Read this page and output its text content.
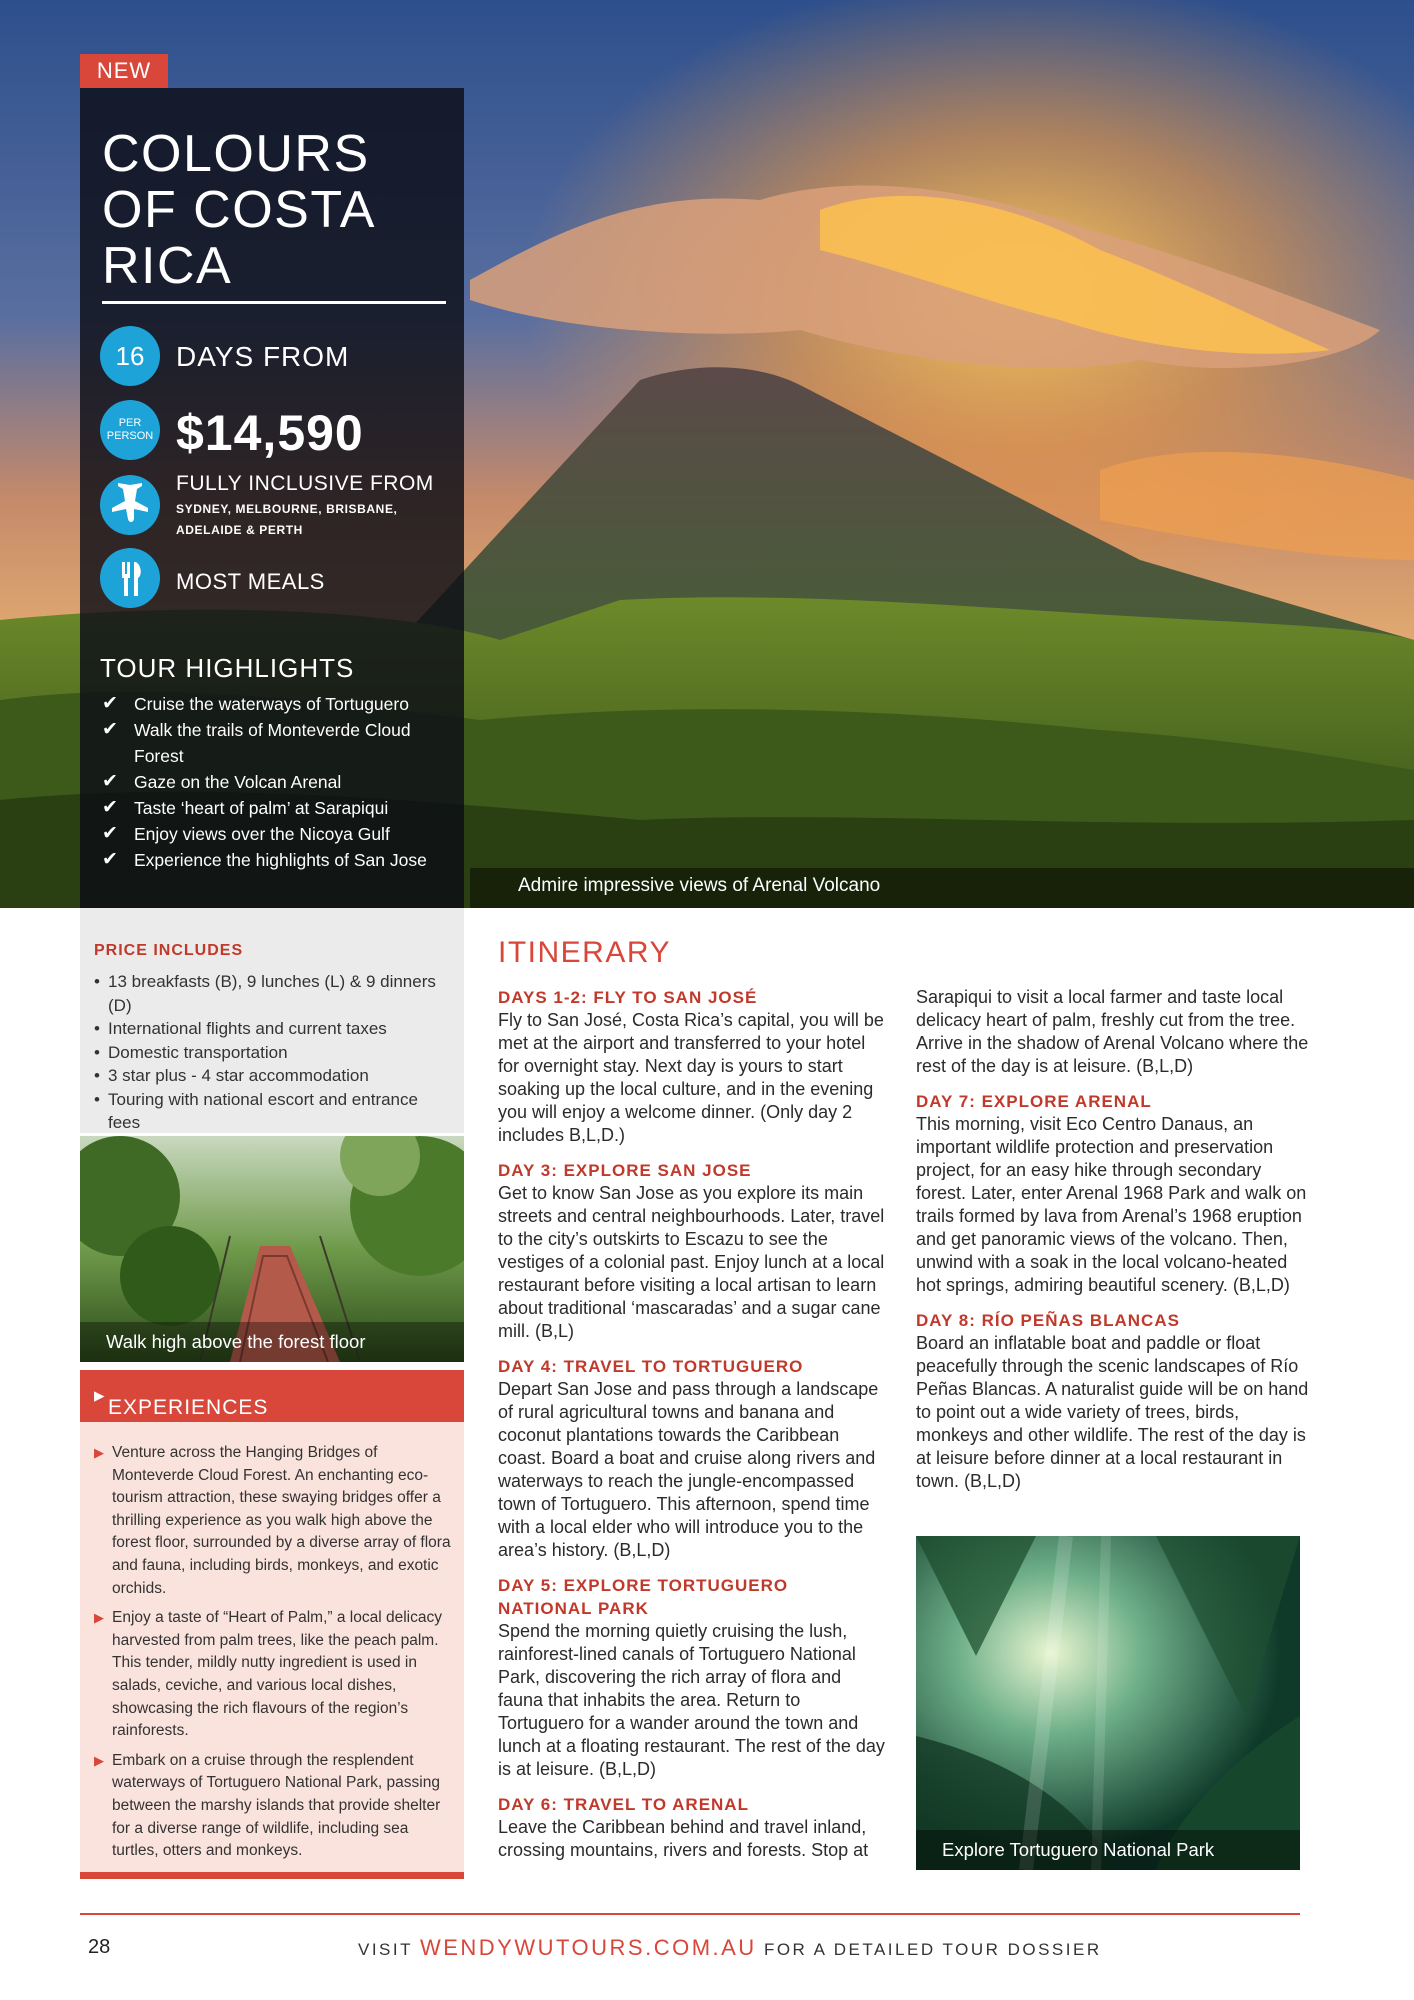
Admire impressive views of Arenal Volcano
NEW
COLOURS OF COSTA RICA
16	DAYS FROM
PER PERSON $14,590
FULLY INCLUSIVE FROM
SYDNEY, MELBOURNE, BRISBANE, ADELAIDE & PERTH
MOST MEALS
TOUR HIGHLIGHTS
✔ Cruise the waterways of Tortuguero
✔ Walk the trails of Monteverde Cloud Forest
✔ Gaze on the Volcan Arenal
✔ Taste ‘heart of palm’ at Sarapiqui
✔ Enjoy views over the Nicoya Gulf
✔ Experience the highlights of San Jose
PRICE INCLUDES
• 13 breakfasts (B), 9 lunches (L) & 9 dinners (D)
• International flights and current taxes
• Domestic transportation
• 3 star plus - 4 star accommodation
• Touring with national escort and entrance fees
Walk high above the forest floor
▸
EXPERIENCES
▶ Venture across the Hanging Bridges of Monteverde Cloud Forest. An enchanting eco-tourism attraction, these swaying bridges offer a thrilling experience as you walk high above the forest floor, surrounded by a diverse array of flora and fauna, including birds, monkeys, and exotic orchids.
▶ Enjoy a taste of “Heart of Palm,” a local delicacy harvested from palm trees, like the peach palm. This tender, mildly nutty ingredient is used in salads, ceviche, and various local dishes, showcasing the rich flavours of the region’s rainforests.
▶ Embark on a cruise through the resplendent waterways of Tortuguero National Park, passing between the marshy islands that provide shelter for a diverse range of wildlife, including sea turtles, otters and monkeys.
ITINERARY

DAYS 1-2: FLY TO SAN JOSÉ

Fly to San José, Costa Rica’s capital, you will be met at the airport and transferred to your hotel for overnight stay. Next day is yours to start soaking up the local culture, and in the evening you will enjoy a welcome dinner. (Only day 2 includes B,L,D.)

DAY 3: EXPLORE SAN JOSE

Get to know San Jose as you explore its main streets and central neighbourhoods. Later, travel to the city’s outskirts to Escazu to see the vestiges of a colonial past. Enjoy lunch at a local restaurant before visiting a local artisan to learn about traditional ‘mascaradas’ and a sugar cane mill. (B,L)

DAY 4: TRAVEL TO TORTUGUERO

Depart San Jose and pass through a landscape of rural agricultural towns and banana and coconut plantations towards the Caribbean coast. Board a boat and cruise along rivers and waterways to reach the jungle-encompassed town of Tortuguero. This afternoon, spend time with a local elder who will introduce you to the area’s history. (B,L,D)

DAY 5: EXPLORE TORTUGUERO NATIONAL PARK

Spend the morning quietly cruising the lush, rainforest-lined canals of Tortuguero National Park, discovering the rich array of flora and fauna that inhabits the area. Return to Tortuguero for a wander around the town and lunch at a floating restaurant. The rest of the day is at leisure. (B,L,D)

DAY 6: TRAVEL TO ARENAL

Leave the Caribbean behind and travel inland, crossing mountains, rivers and forests. Stop at

Sarapiqui to visit a local farmer and taste local delicacy heart of palm, freshly cut from the tree. Arrive in the shadow of Arenal Volcano where the rest of the day is at leisure. (B,L,D)

DAY 7: EXPLORE ARENAL

This morning, visit Eco Centro Danaus, an important wildlife protection and preservation project, for an easy hike through secondary forest. Later, enter Arenal 1968 Park and walk on trails formed by lava from Arenal’s 1968 eruption and get panoramic views of the volcano. Then, unwind with a soak in the local volcano-heated hot springs, admiring beautiful scenery. (B,L,D)

DAY 8: RÍO PEÑAS BLANCAS

Board an inflatable boat and paddle or float peacefully through the scenic landscapes of Río Peñas Blancas. A naturalist guide will be on hand to point out a wide variety of trees, birds, monkeys and other wildlife. The rest of the day is at leisure before dinner at a local restaurant in town. (B,L,D)

Explore Tortuguero National Park
28	VISIT WENDYWUTOURS.COM.AU FOR A DETAILED TOUR DOSSIER
